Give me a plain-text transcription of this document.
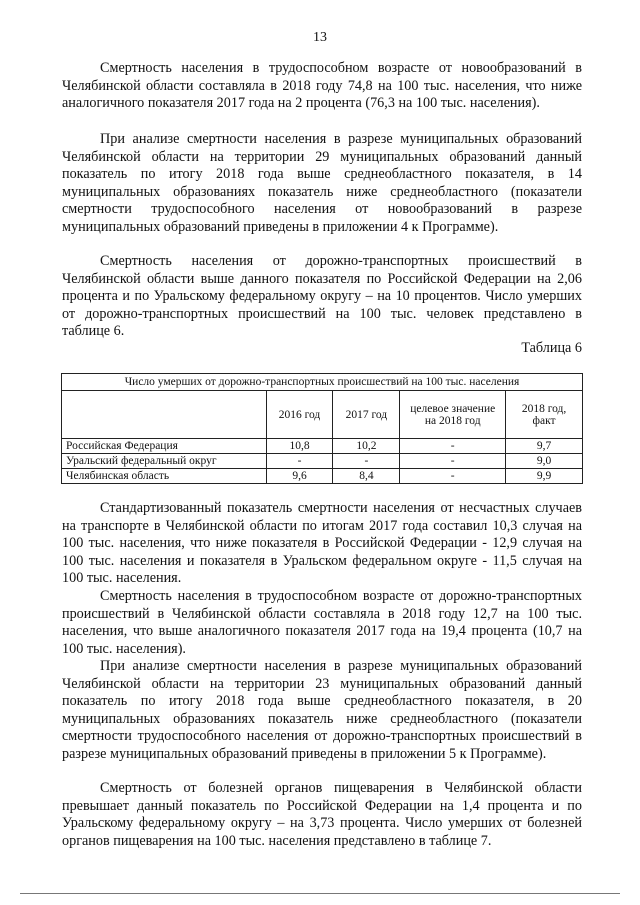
13

Смертность населения в трудоспособном возрасте от новообразований в Челябинской области составляла в 2018 году 74,8 на 100 тыс. населения, что ниже аналогичного показателя 2017 года на 2 процента (76,3 на 100 тыс. населения).

При анализе смертности населения в разрезе муниципальных образований Челябинской области на территории 29 муниципальных образований данный показатель по итогу 2018 года выше среднеобластного показателя, в 14 муниципальных образованиях показатель ниже среднеобластного (показатели смертности трудоспособного населения от новообразований в разрезе муниципальных образований приведены в приложении 4 к Программе).

Смертность населения от дорожно-транспортных происшествий в Челябинской области выше данного показателя по Российской Федерации на 2,06 процента и по Уральскому федеральному округу – на 10 процентов. Число умерших от дорожно-транспортных происшествий на 100 тыс. человек представлено в таблице 6.

Таблица 6
Число умерших от дорожно-транспортных происшествий на 100 тыс. населения				
	2016 год	2017 год	целевое значение на 2018 год	2018 год, факт
Российская Федерация	10,8	10,2	-	9,7
Уральский федеральный округ	-	-	-	9,0
Челябинская область	9,6	8,4	-	9,9

Стандартизованный показатель смертности населения от несчастных случаев на транспорте в Челябинской области по итогам 2017 года составил 10,3 случая на 100 тыс. населения, что ниже показателя в Российской Федерации - 12,9 случая на 100 тыс. населения и показателя в Уральском федеральном округе - 11,5 случая на 100 тыс. населения.

Смертность населения в трудоспособном возрасте от дорожно-транспортных происшествий в Челябинской области составляла в 2018 году 12,7 на 100 тыс. населения, что выше аналогичного показателя 2017 года на 19,4 процента (10,7 на 100 тыс. населения).

При анализе смертности населения в разрезе муниципальных образований Челябинской области на территории 23 муниципальных образований данный показатель по итогу 2018 года выше среднеобластного показателя, в 20 муниципальных образованиях показатель ниже среднеобластного (показатели смертности трудоспособного населения от дорожно-транспортных происшествий в разрезе муниципальных образований приведены в приложении 5 к Программе).

Смертность от болезней органов пищеварения в Челябинской области превышает данный показатель по Российской Федерации на 1,4 процента и по Уральскому федеральному округу – на 3,73 процента. Число умерших от болезней органов пищеварения на 100 тыс. населения представлено в таблице 7.
